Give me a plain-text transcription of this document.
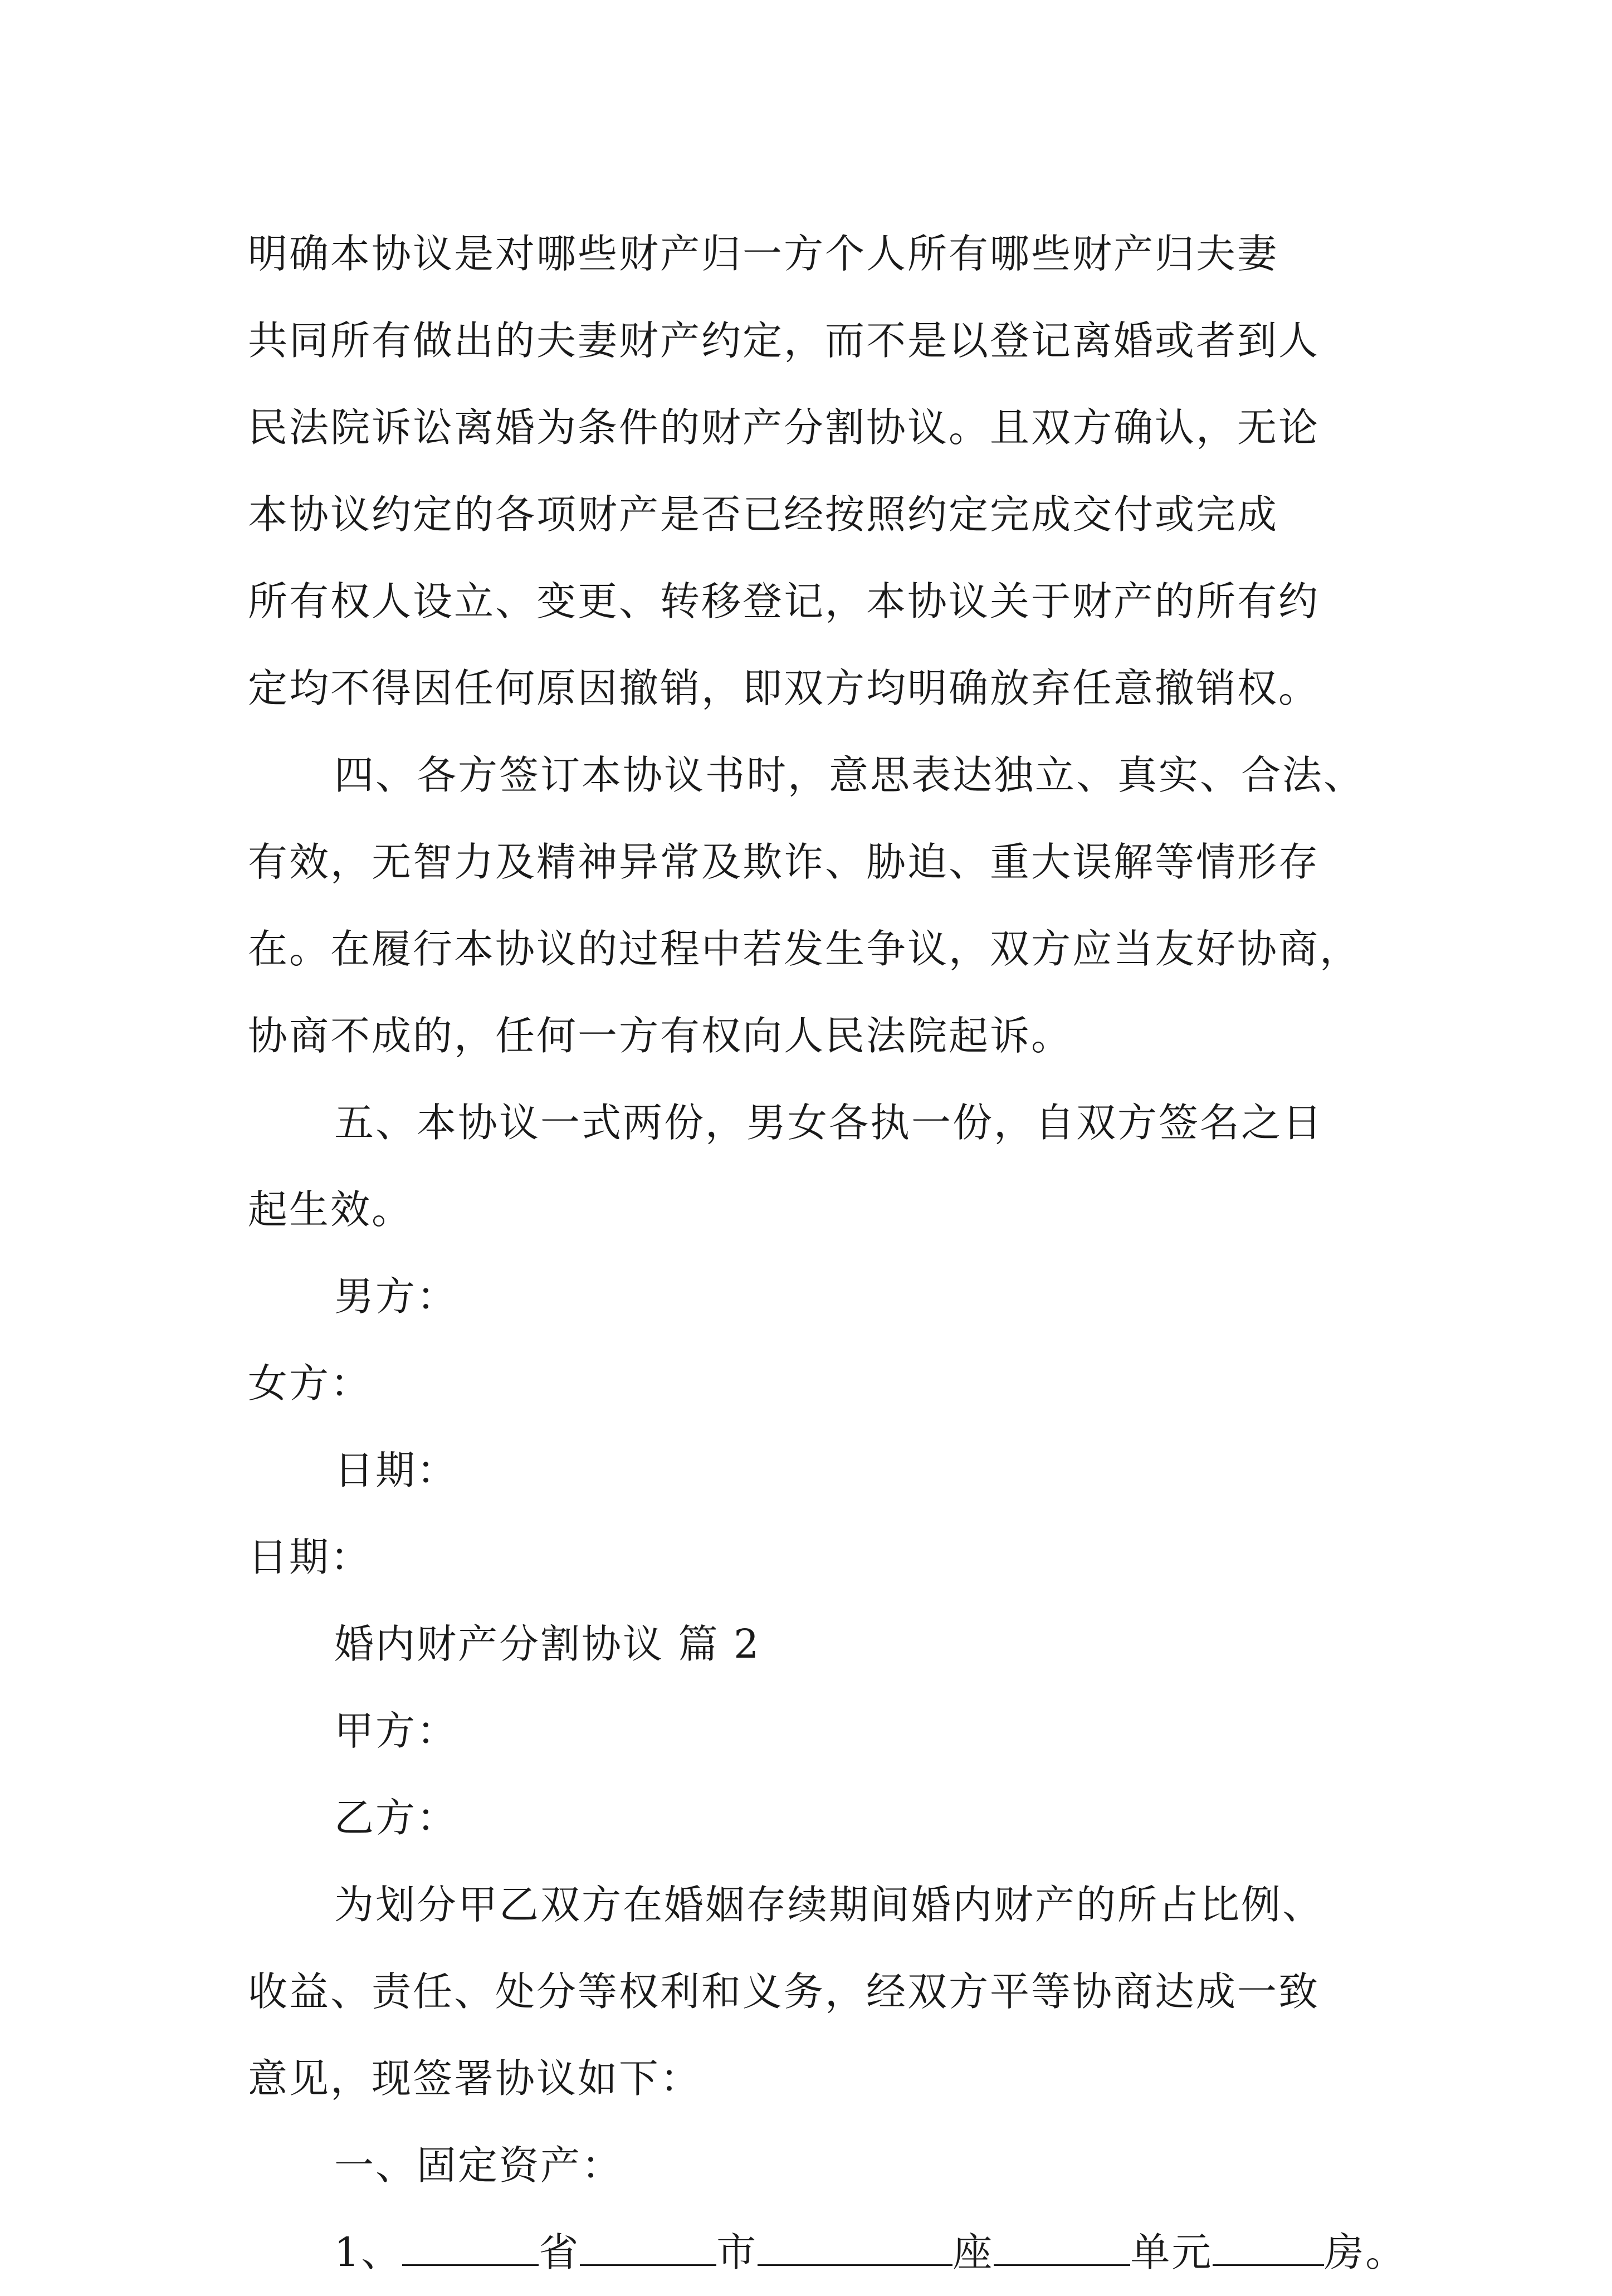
明确本协议是对哪些财产归一方个人所有哪些财产归夫妻
共同所有做出的夫妻财产约定，而不是以登记离婚或者到人
民法院诉讼离婚为条件的财产分割协议。且双方确认，无论
本协议约定的各项财产是否已经按照约定完成交付或完成
所有权人设立、变更、转移登记，本协议关于财产的所有约
定均不得因任何原因撤销，即双方均明确放弃任意撤销权。
四、各方签订本协议书时，意思表达独立、真实、合法、
有效，无智力及精神异常及欺诈、胁迫、重大误解等情形存
在。在履行本协议的过程中若发生争议，双方应当友好协商，
协商不成的，任何一方有权向人民法院起诉。
五、本协议一式两份，男女各执一份，自双方签名之日
起生效。
男方：
女方：
日期：
日期：
婚内财产分割协议 篇 2
甲方：
乙方：
为划分甲乙双方在婚姻存续期间婚内财产的所占比例、
收益、责任、处分等权利和义务，经双方平等协商达成一致
意见，现签署协议如下：
一、固定资产：
1、	省	市	座	单元	房。
